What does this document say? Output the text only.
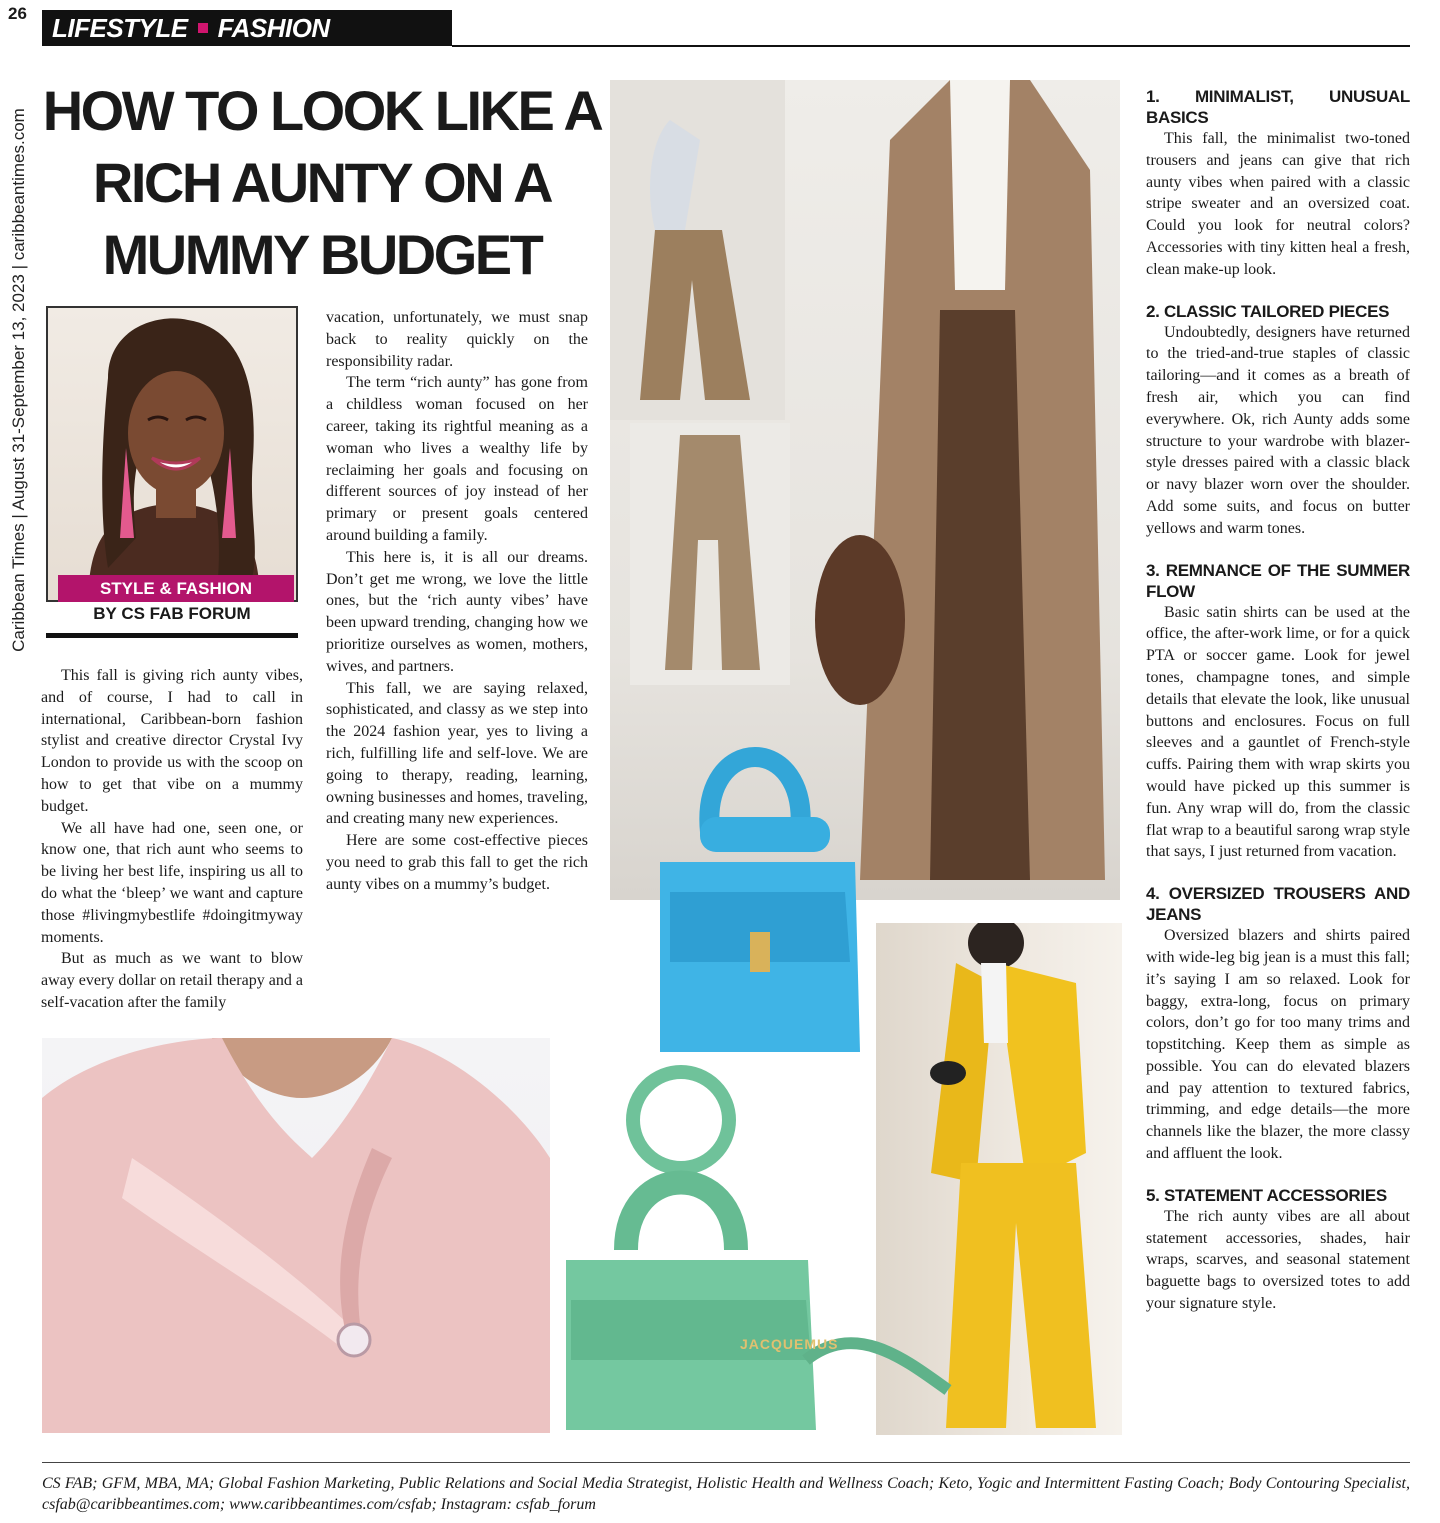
26 LIFESTYLE FASHION
Caribbean Times | August 31-September 13, 2023 | caribbeantimes.com HOW TO LOOK LIKE A RICH AUNTY ON A MUMMY BUDGET
STYLE & FASHION
BY CS FAB FORUM

This fall is giving rich aunty vibes, and of course, I had to call in international, Caribbean-born fashion stylist and creative director Crystal Ivy London to provide us with the scoop on how to get that vibe on a mummy budget.

We all have had one, seen one, or know one, that rich aunt who seems to be living her best life, inspiring us all to do what the ‘bleep’ we want and capture those #livingmybestlife #doingitmyway moments.

But as much as we want to blow away every dollar on retail therapy and a self-vacation after the family

vacation, unfortunately, we must snap back to reality quickly on the responsibility radar.

The term “rich aunty” has gone from a childless woman focused on her career, taking its rightful meaning as a woman who lives a wealthy life by reclaiming her goals and focusing on different sources of joy instead of her primary or present goals centered around building a family.

This here is, it is all our dreams. Don’t get me wrong, we love the little ones, but the ‘rich aunty vibes’ have been upward trending, changing how we prioritize ourselves as women, mothers, wives, and partners.

This fall, we are saying relaxed, sophisticated, and classy as we step into the 2024 fashion year, yes to living a rich, fulfilling life and self-love. We are going to therapy, reading, learning, owning businesses and homes, traveling, and creating many new experiences.

Here are some cost-effective pieces you need to grab this fall to get the rich aunty vibes on a mummy’s budget.

JACQUEMUS
1. MINIMALIST, UNUSUAL BASICS

This fall, the minimalist two-toned trousers and jeans can give that rich aunty vibes when paired with a classic stripe sweater and an oversized coat. Could you look for neutral colors? Accessories with tiny kitten heal a fresh, clean make-up look.

2. CLASSIC TAILORED PIECES

Undoubtedly, designers have returned to the tried-and-true staples of classic tailoring—and it comes as a breath of fresh air, which you can find everywhere. Ok, rich Aunty adds some structure to your wardrobe with blazer-style dresses paired with a classic black or navy blazer worn over the shoulder. Add some suits, and focus on butter yellows and warm tones.

3. REMNANCE OF THE SUMMER FLOW

Basic satin shirts can be used at the office, the after-work lime, or for a quick PTA or soccer game. Look for jewel tones, champagne tones, and simple details that elevate the look, like unusual buttons and enclosures. Focus on full sleeves and a gauntlet of French-style cuffs. Pairing them with wrap skirts you would have picked up this summer is fun. Any wrap will do, from the classic flat wrap to a beautiful sarong wrap style that says, I just returned from vacation.

4. OVERSIZED TROUSERS AND JEANS

Oversized blazers and shirts paired with wide-leg big jean is a must this fall; it’s saying I am so relaxed. Look for baggy, extra-long, focus on primary colors, don’t go for too many trims and topstitching. Keep them as simple as possible. You can do elevated blazers and pay attention to textured fabrics, trimming, and edge details—the more channels like the blazer, the more classy and affluent the look.

5. STATEMENT ACCESSORIES

The rich aunty vibes are all about statement accessories, shades, hair wraps, scarves, and seasonal statement baguette bags to oversized totes to add your signature style.

CS FAB; GFM, MBA, MA; Global Fashion Marketing, Public Relations and Social Media Strategist, Holistic Health and Wellness Coach; Keto, Yogic and Intermittent Fasting Coach; Body Contouring Specialist, csfab@caribbeantimes.com; www.caribbeantimes.com/csfab; Instagram: csfab_forum
